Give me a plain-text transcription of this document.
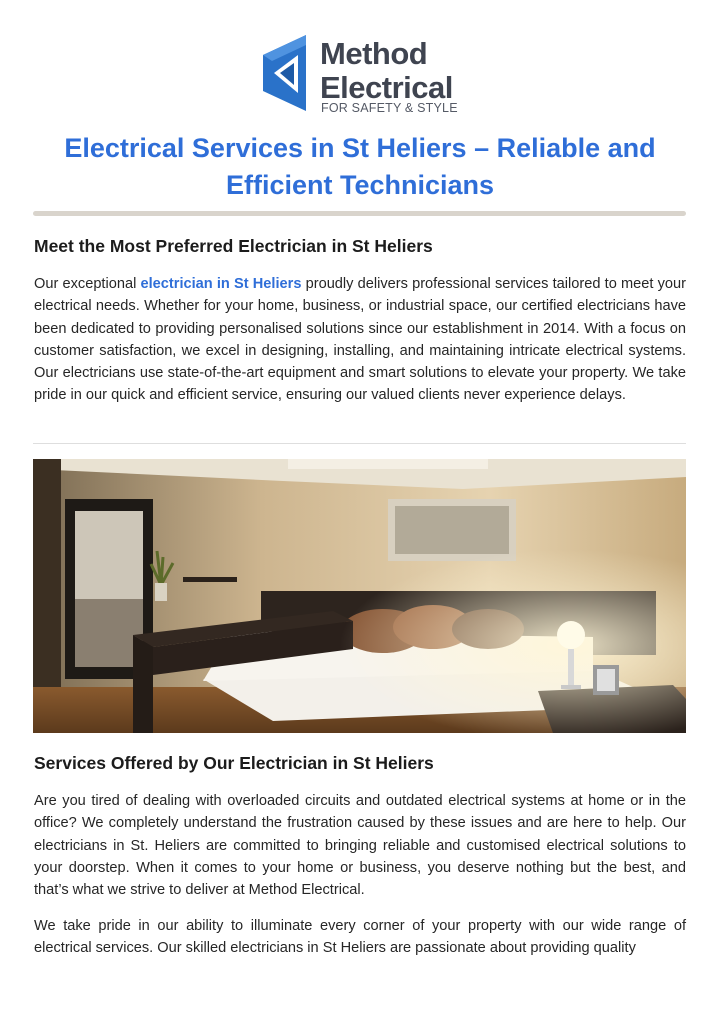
Method
Electrical
FOR SAFETY & STYLE
Electrical Services in St Heliers – Reliable and Efficient Technicians
Meet the Most Preferred Electrician in St Heliers

Our exceptional electrician in St Heliers proudly delivers professional services tailored to meet your electrical needs. Whether for your home, business, or industrial space, our certified electricians have been dedicated to providing personalised solutions since our establishment in 2014. With a focus on customer satisfaction, we excel in designing, installing, and maintaining intricate electrical systems. Our electricians use state-of-the-art equipment and smart solutions to elevate your property. We take pride in our quick and efficient service, ensuring our valued clients never experience delays.

Services Offered by Our Electrician in St Heliers

Are you tired of dealing with overloaded circuits and outdated electrical systems at home or in the office? We completely understand the frustration caused by these issues and are here to help. Our electricians in St. Heliers are committed to bringing reliable and customised electrical solutions to your doorstep. When it comes to your home or business, you deserve nothing but the best, and that’s what we strive to deliver at Method Electrical.

We take pride in our ability to illuminate every corner of your property with our wide range of electrical services. Our skilled electricians in St Heliers are passionate about providing quality
